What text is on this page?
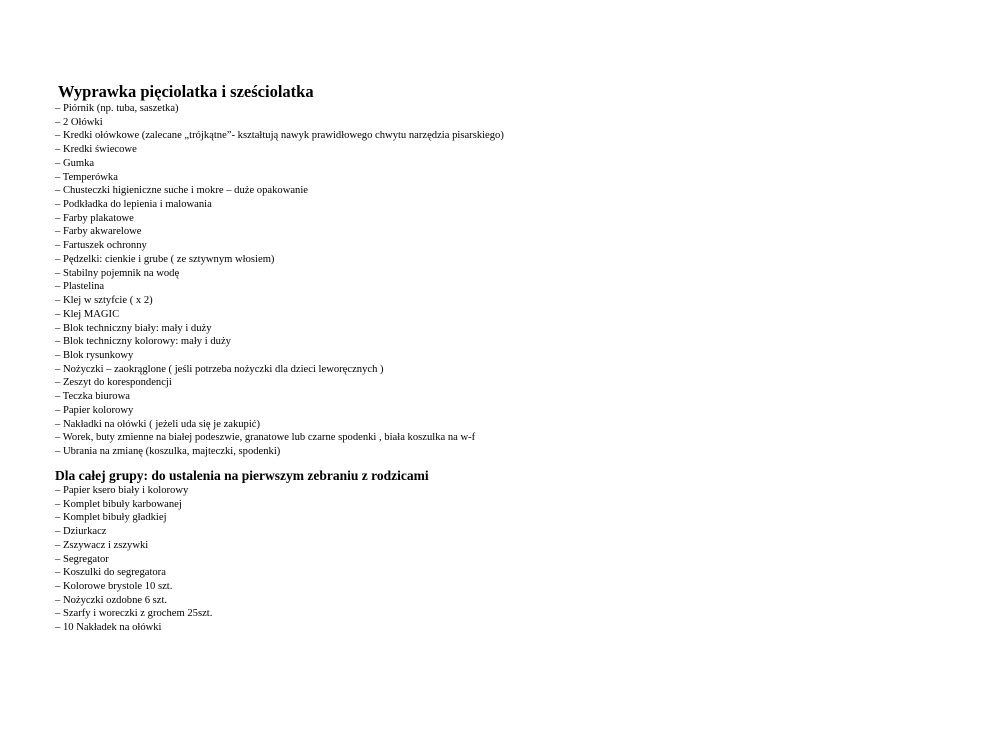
Wyprawka pięciolatka i sześciolatka
– Piórnik (np. tuba, saszetka)
– 2 Ołówki
– Kredki ołówkowe (zalecane „trójkątne”- kształtują nawyk prawidłowego chwytu narzędzia pisarskiego)
– Kredki świecowe
– Gumka
– Temperówka
– Chusteczki higieniczne suche i mokre – duże opakowanie
– Podkładka do lepienia i malowania
– Farby plakatowe
– Farby akwarelowe
– Fartuszek ochronny
– Pędzelki: cienkie i grube ( ze sztywnym włosiem)
– Stabilny pojemnik na wodę
– Plastelina
– Klej w sztyfcie ( x 2)
– Klej MAGIC
– Blok techniczny biały: mały i duży
– Blok techniczny kolorowy: mały i duży
– Blok rysunkowy
– Nożyczki – zaokrąglone ( jeśli potrzeba nożyczki dla dzieci leworęcznych )
– Zeszyt do korespondencji
– Teczka biurowa
– Papier kolorowy
– Nakładki na ołówki ( jeżeli uda się je zakupić)
– Worek, buty zmienne na białej podeszwie, granatowe lub czarne spodenki , biała koszulka na w-f
– Ubrania na zmianę (koszulka, majteczki, spodenki)
Dla całej grupy: do ustalenia na pierwszym zebraniu z rodzicami
– Papier ksero biały i kolorowy
– Komplet bibuły karbowanej
– Komplet bibuły gładkiej
– Dziurkacz
– Zszywacz i zszywki
– Segregator
– Koszulki do segregatora
– Kolorowe brystole 10 szt.
– Nożyczki ozdobne 6 szt.
– Szarfy i woreczki z grochem 25szt.
– 10 Nakładek na ołówki
